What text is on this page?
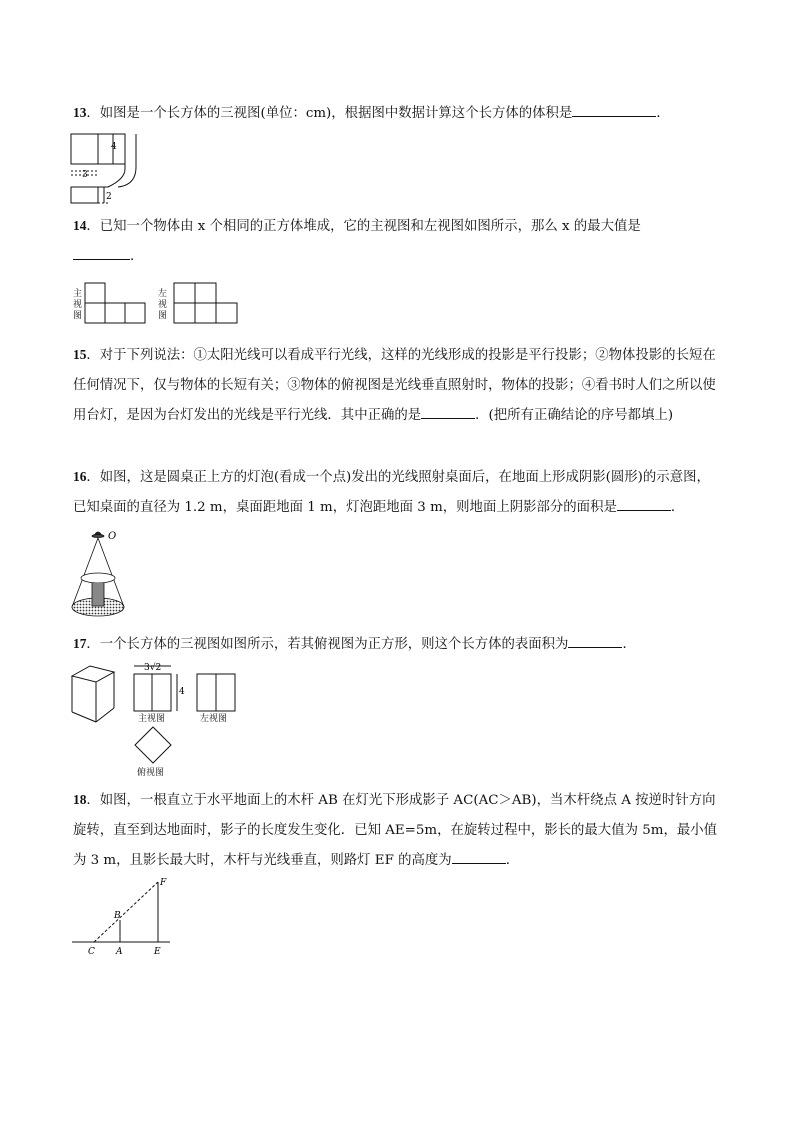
13．如图是一个长方体的三视图(单位：cm)，根据图中数据计算这个长方体的体积是	．
4
3
2
14．已知一个物体由 x 个相同的正方体堆成，它的主视图和左视图如图所示，那么 x 的最大值是
．
主视图
左视图
15．对于下列说法：①太阳光线可以看成平行光线，这样的光线形成的投影是平行投影；②物体投影的长短在任何情况下，仅与物体的长短有关；③物体的俯视图是光线垂直照射时，物体的投影；④看书时人们之所以使用台灯，是因为台灯发出的光线是平行光线．其中正确的是	．(把所有正确结论的序号都填上)
16．如图，这是圆桌正上方的灯泡(看成一个点)发出的光线照射桌面后，在地面上形成阴影(圆形)的示意图，已知桌面的直径为 1.2 m，桌面距地面 1 m，灯泡距地面 3 m，则地面上阴影部分的面积是	．
O
17．一个长方体的三视图如图所示，若其俯视图为正方形，则这个长方体的表面积为	．
3√2
4
主视图	左视图
俯视图
18．如图，一根直立于水平地面上的木杆 AB 在灯光下形成影子 AC(AC＞AB)，当木杆绕点 A 按逆时针方向旋转，直至到达地面时，影子的长度发生变化．已知 AE=5m，在旋转过程中，影长的最大值为 5m，最小值为 3 m，且影长最大时，木杆与光线垂直，则路灯 EF 的高度为	．
F
B
C A	E
